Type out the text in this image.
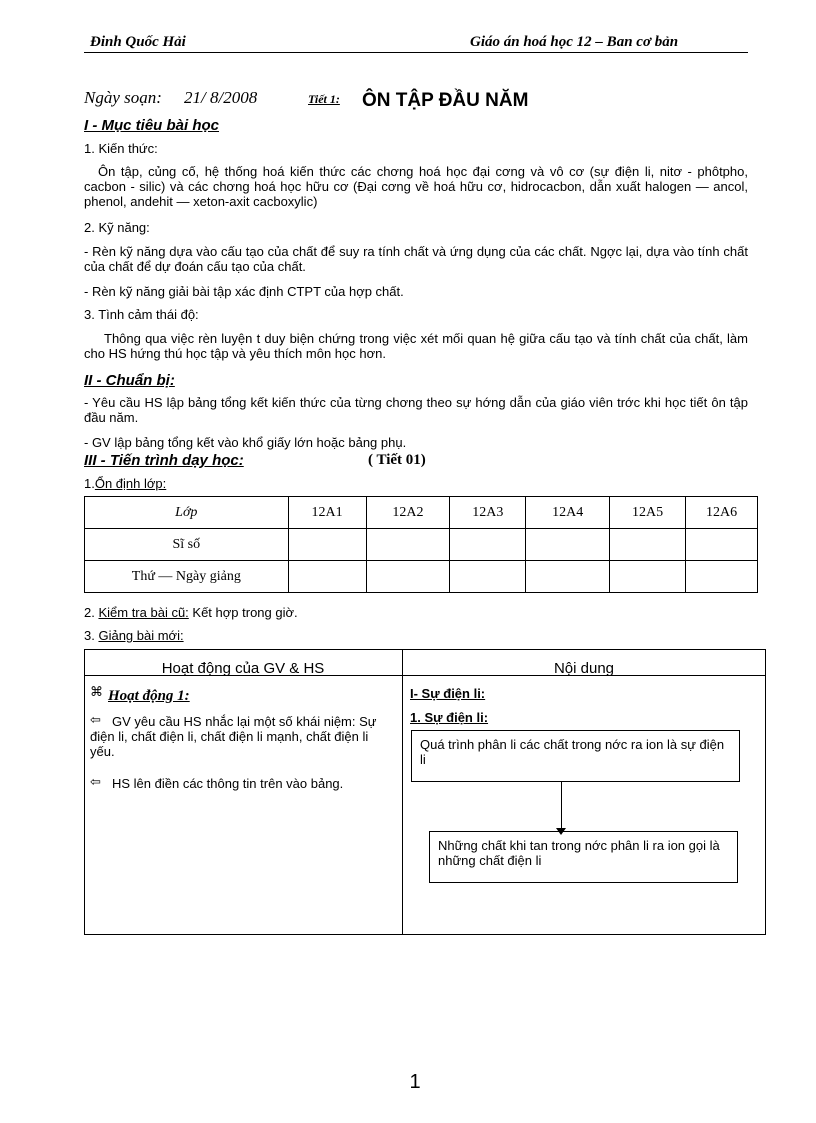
Đinh Quốc Hải	Giáo án hoá học 12 – Ban cơ bản
Ngày soạn: 21/ 8/2008	Tiết 1: ÔN TẬP ĐẦU NĂM
I - Mục tiêu bài học
1. Kiến thức:
Ôn tập, củng cố, hệ thống hoá kiến thức các chơng hoá học đại cơng và vô cơ (sự điện li, nitơ - phôtpho, cacbon - silic) và các chơng hoá học hữu cơ (Đại cơng về hoá hữu cơ, hidrocacbon, dẫn xuất halogen — ancol, phenol, andehit — xeton-axit cacboxylic)
2. Kỹ năng:
- Rèn kỹ năng dựa vào cấu tạo của chất để suy ra tính chất và ứng dụng của các chất. Ngợc lại, dựa vào tính chất của chất để dự đoán cấu tạo của chất.
- Rèn kỹ năng giải bài tập xác định CTPT của hợp chất.
3. Tình cảm thái độ:
Thông qua việc rèn luyện t duy biện chứng trong việc xét mối quan hệ giữa cấu tạo và tính chất của chất, làm cho HS hứng thú học tập và yêu thích môn học hơn.
II - Chuẩn bị:
- Yêu cầu HS lập bảng tổng kết kiến thức của từng chơng theo sự hớng dẫn của giáo viên trớc khi học tiết ôn tập đầu năm.
- GV lập bảng tổng kết vào khổ giấy lớn hoặc bảng phụ.
III - Tiến trình dạy học:	( Tiết 01)
1.Ổn định lớp:
Lớp	12A1	12A2	12A3	12A4	12A5	12A6
Sĩ số						
Thứ — Ngày giảng						
2. Kiểm tra bài cũ: Kết hợp trong giờ.
3. Giảng bài mới:

Hoạt động của GV & HS	Nội dung
⌘ Hoạt động 1:
⇦ GV yêu cầu HS nhắc lại một số khái niệm: Sự điện li, chất điện li, chất điện li mạnh, chất điện li yếu.
⇦ HS lên điền các thông tin trên vào bảng.
I- Sự điện li:
1. Sự điện li:
Quá trình phân li các chất trong nớc ra ion là sự điện li
Những chất khi tan trong nớc phân li ra ion gọi là những chất điện li
1
